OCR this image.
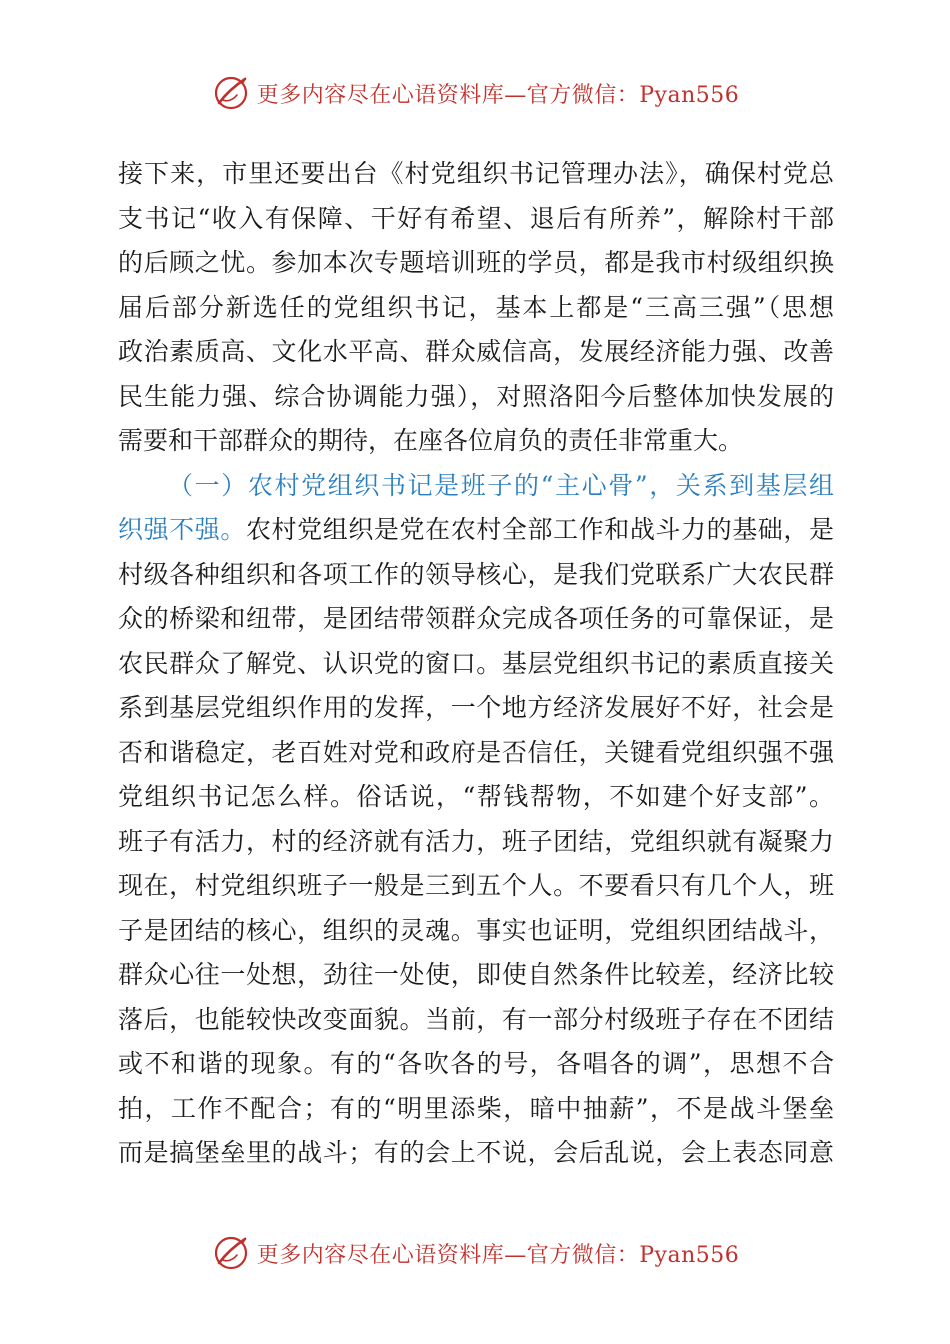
更多内容尽在心语资料库—官方微信：Pyan556
接下来，市里还要出台《村党组织书记管理办法》，确保村党总
支书记“收入有保障、干好有希望、退后有所养”，解除村干部
的后顾之忧。参加本次专题培训班的学员，都是我市村级组织换
届后部分新选任的党组织书记，基本上都是“三高三强”（思想
政治素质高、文化水平高、群众威信高，发展经济能力强、改善
民生能力强、综合协调能力强），对照洛阳今后整体加快发展的
需要和干部群众的期待，在座各位肩负的责任非常重大。
（一）农村党组织书记是班子的“主心骨”，关系到基层组
织强不强。农村党组织是党在农村全部工作和战斗力的基础，是
村级各种组织和各项工作的领导核心，是我们党联系广大农民群
众的桥梁和纽带，是团结带领群众完成各项任务的可靠保证，是
农民群众了解党、认识党的窗口。基层党组织书记的素质直接关
系到基层党组织作用的发挥，一个地方经济发展好不好，社会是
否和谐稳定，老百姓对党和政府是否信任，关键看党组织强不强
党组织书记怎么样。俗话说，“帮钱帮物，不如建个好支部”。
班子有活力，村的经济就有活力，班子团结，党组织就有凝聚力
现在，村党组织班子一般是三到五个人。不要看只有几个人，班
子是团结的核心，组织的灵魂。事实也证明，党组织团结战斗，
群众心往一处想，劲往一处使，即使自然条件比较差，经济比较
落后，也能较快改变面貌。当前，有一部分村级班子存在不团结
或不和谐的现象。有的“各吹各的号，各唱各的调”，思想不合
拍，工作不配合；有的“明里添柴，暗中抽薪”，不是战斗堡垒
而是搞堡垒里的战斗；有的会上不说，会后乱说，会上表态同意
更多内容尽在心语资料库—官方微信：Pyan556
